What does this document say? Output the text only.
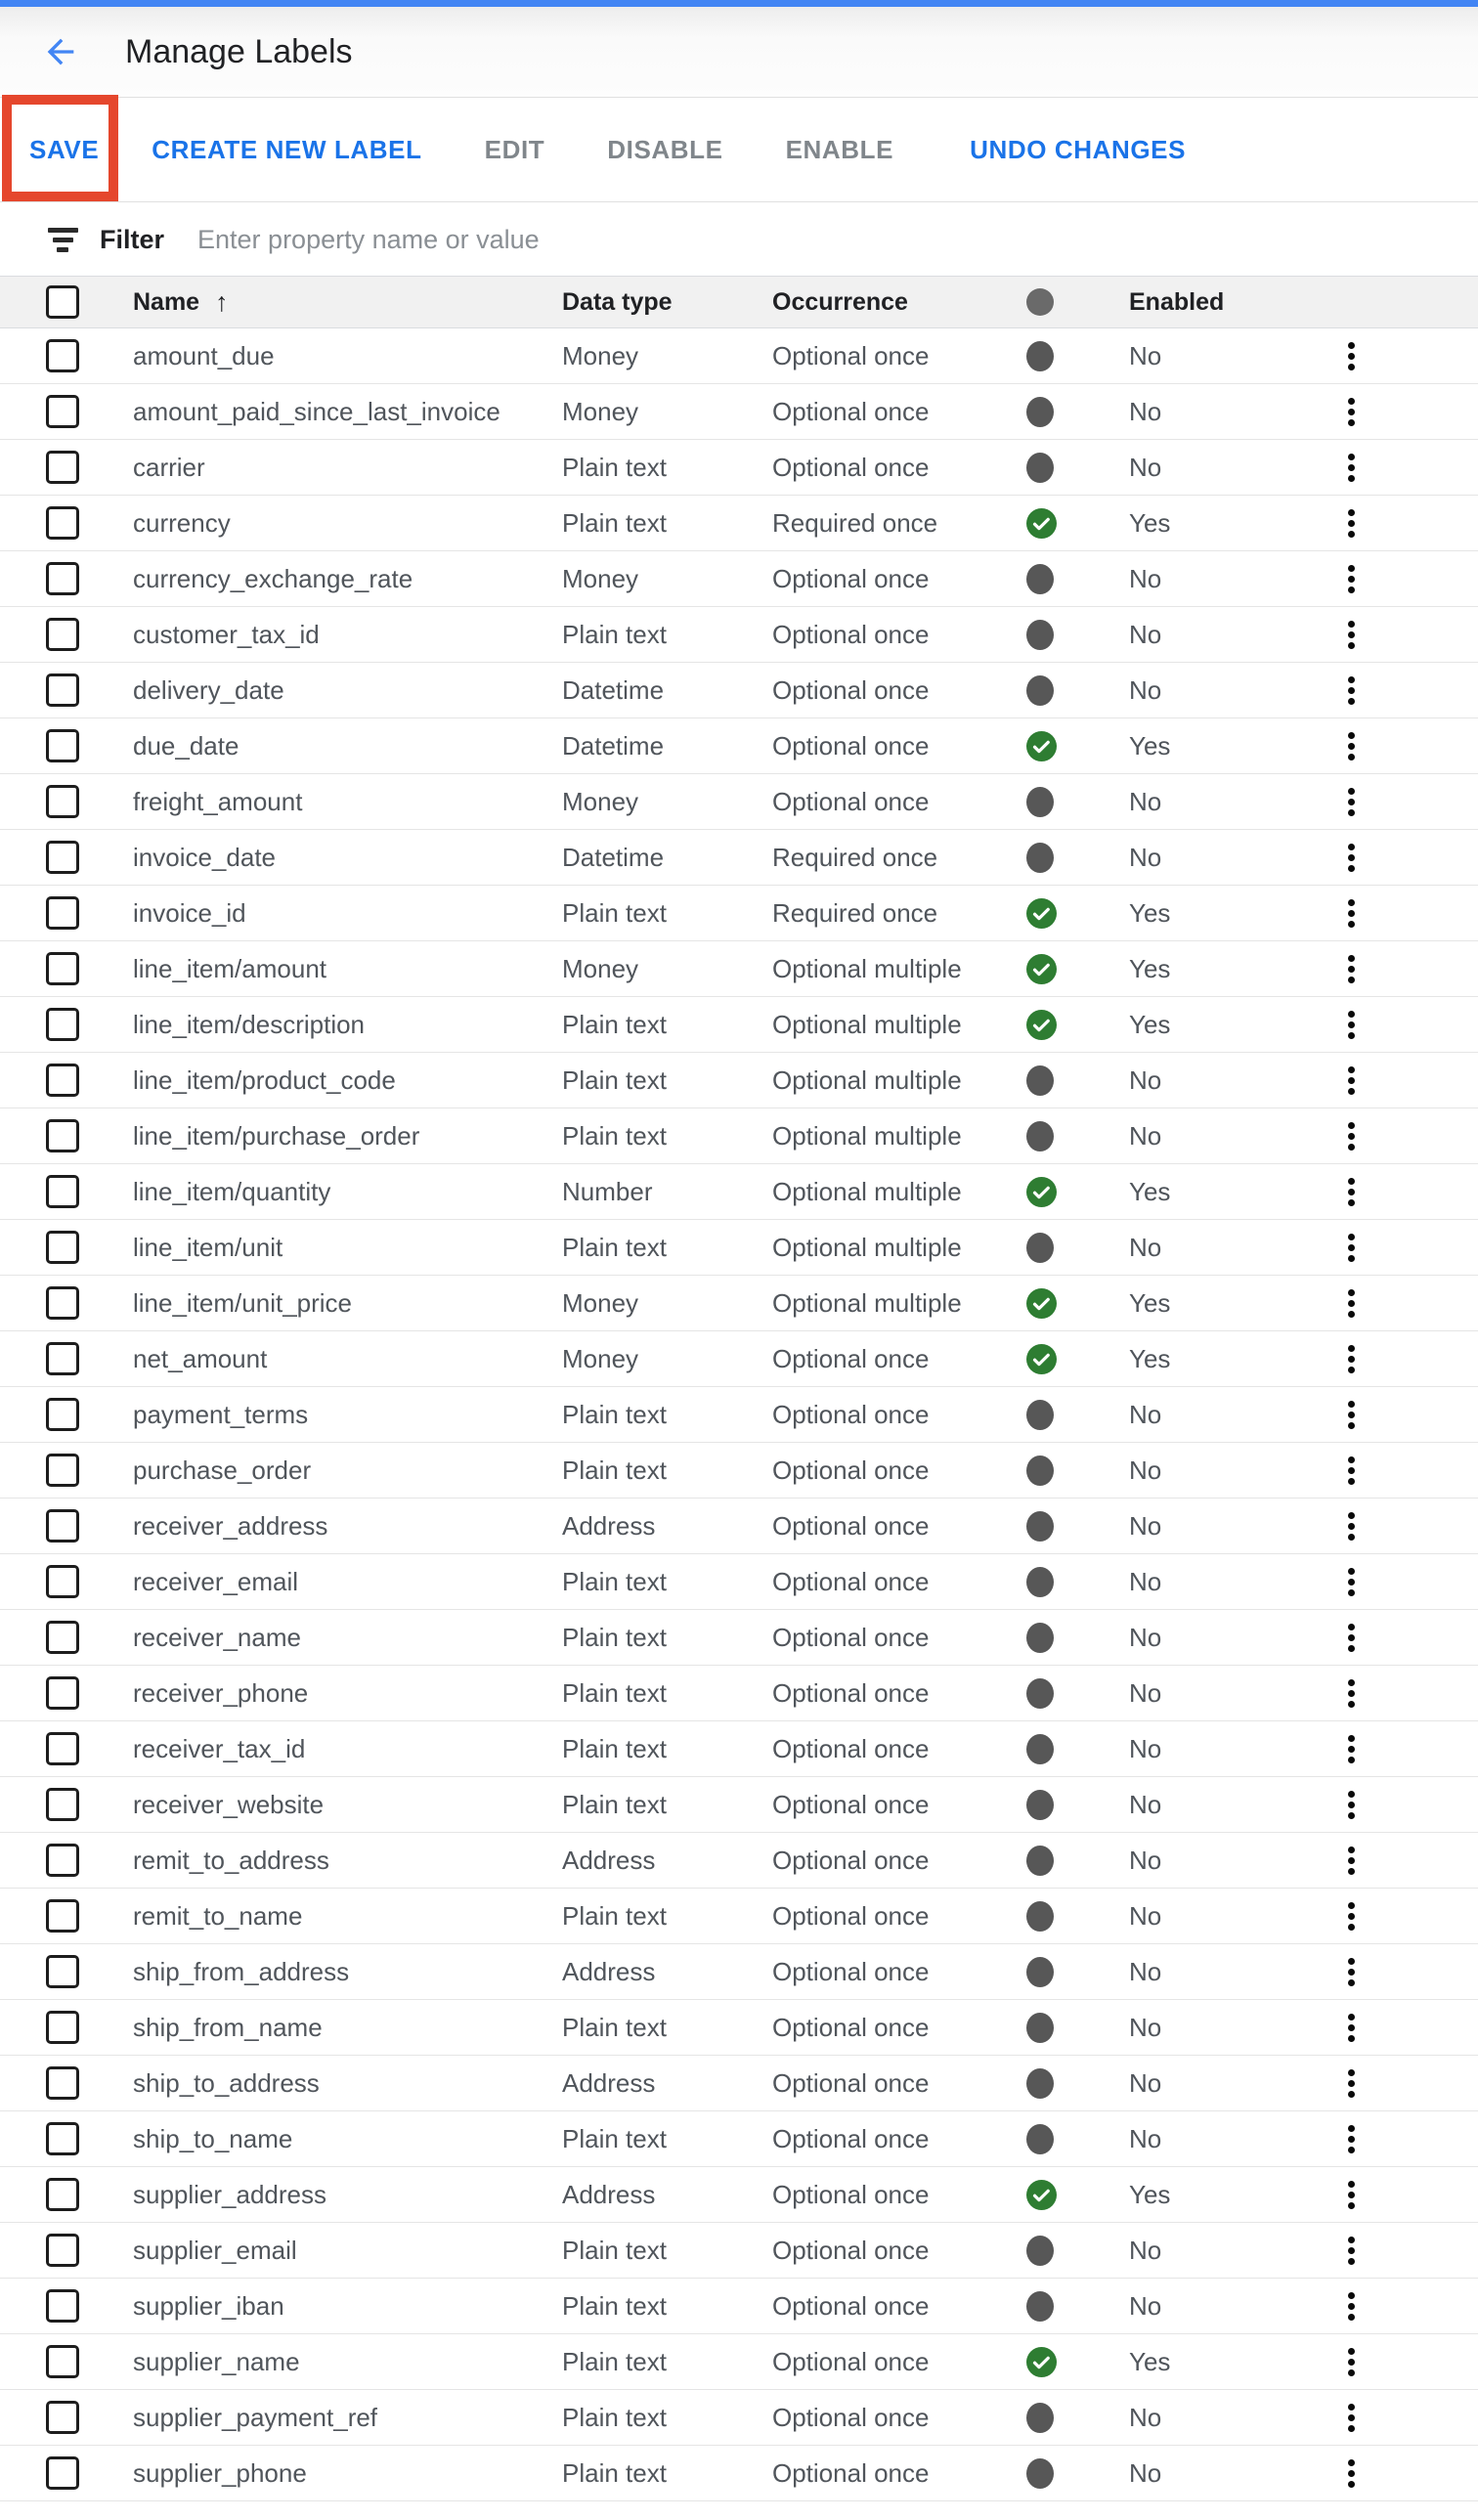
Manage Labels
SAVE CREATE NEW LABEL EDIT DISABLE ENABLE	UNDO CHANGES
Filter
Enter property name or value
Name ↑	Data type	Occurrence	Enabled
amount_due	Money	Optional once	No
amount_paid_since_last_invoice	Money	Optional once	No
carrier	Plain text	Optional once	No
currency	Plain text	Required once	Yes
currency_exchange_rate	Money	Optional once	No
customer_tax_id	Plain text	Optional once	No
delivery_date	Datetime	Optional once	No
due_date	Datetime	Optional once	Yes
freight_amount	Money	Optional once	No
invoice_date	Datetime	Required once	No
invoice_id	Plain text	Required once	Yes
line_item/amount	Money	Optional multiple	Yes
line_item/description	Plain text	Optional multiple	Yes
line_item/product_code	Plain text	Optional multiple	No
line_item/purchase_order	Plain text	Optional multiple	No
line_item/quantity	Number	Optional multiple	Yes
line_item/unit	Plain text	Optional multiple	No
line_item/unit_price	Money	Optional multiple	Yes
net_amount	Money	Optional once	Yes
payment_terms	Plain text	Optional once	No
purchase_order	Plain text	Optional once	No
receiver_address	Address	Optional once	No
receiver_email	Plain text	Optional once	No
receiver_name	Plain text	Optional once	No
receiver_phone	Plain text	Optional once	No
receiver_tax_id	Plain text	Optional once	No
receiver_website	Plain text	Optional once	No
remit_to_address	Address	Optional once	No
remit_to_name	Plain text	Optional once	No
ship_from_address	Address	Optional once	No
ship_from_name	Plain text	Optional once	No
ship_to_address	Address	Optional once	No
ship_to_name	Plain text	Optional once	No
supplier_address	Address	Optional once	Yes
supplier_email	Plain text	Optional once	No
supplier_iban	Plain text	Optional once	No
supplier_name	Plain text	Optional once	Yes
supplier_payment_ref	Plain text	Optional once	No
supplier_phone	Plain text	Optional once	No
